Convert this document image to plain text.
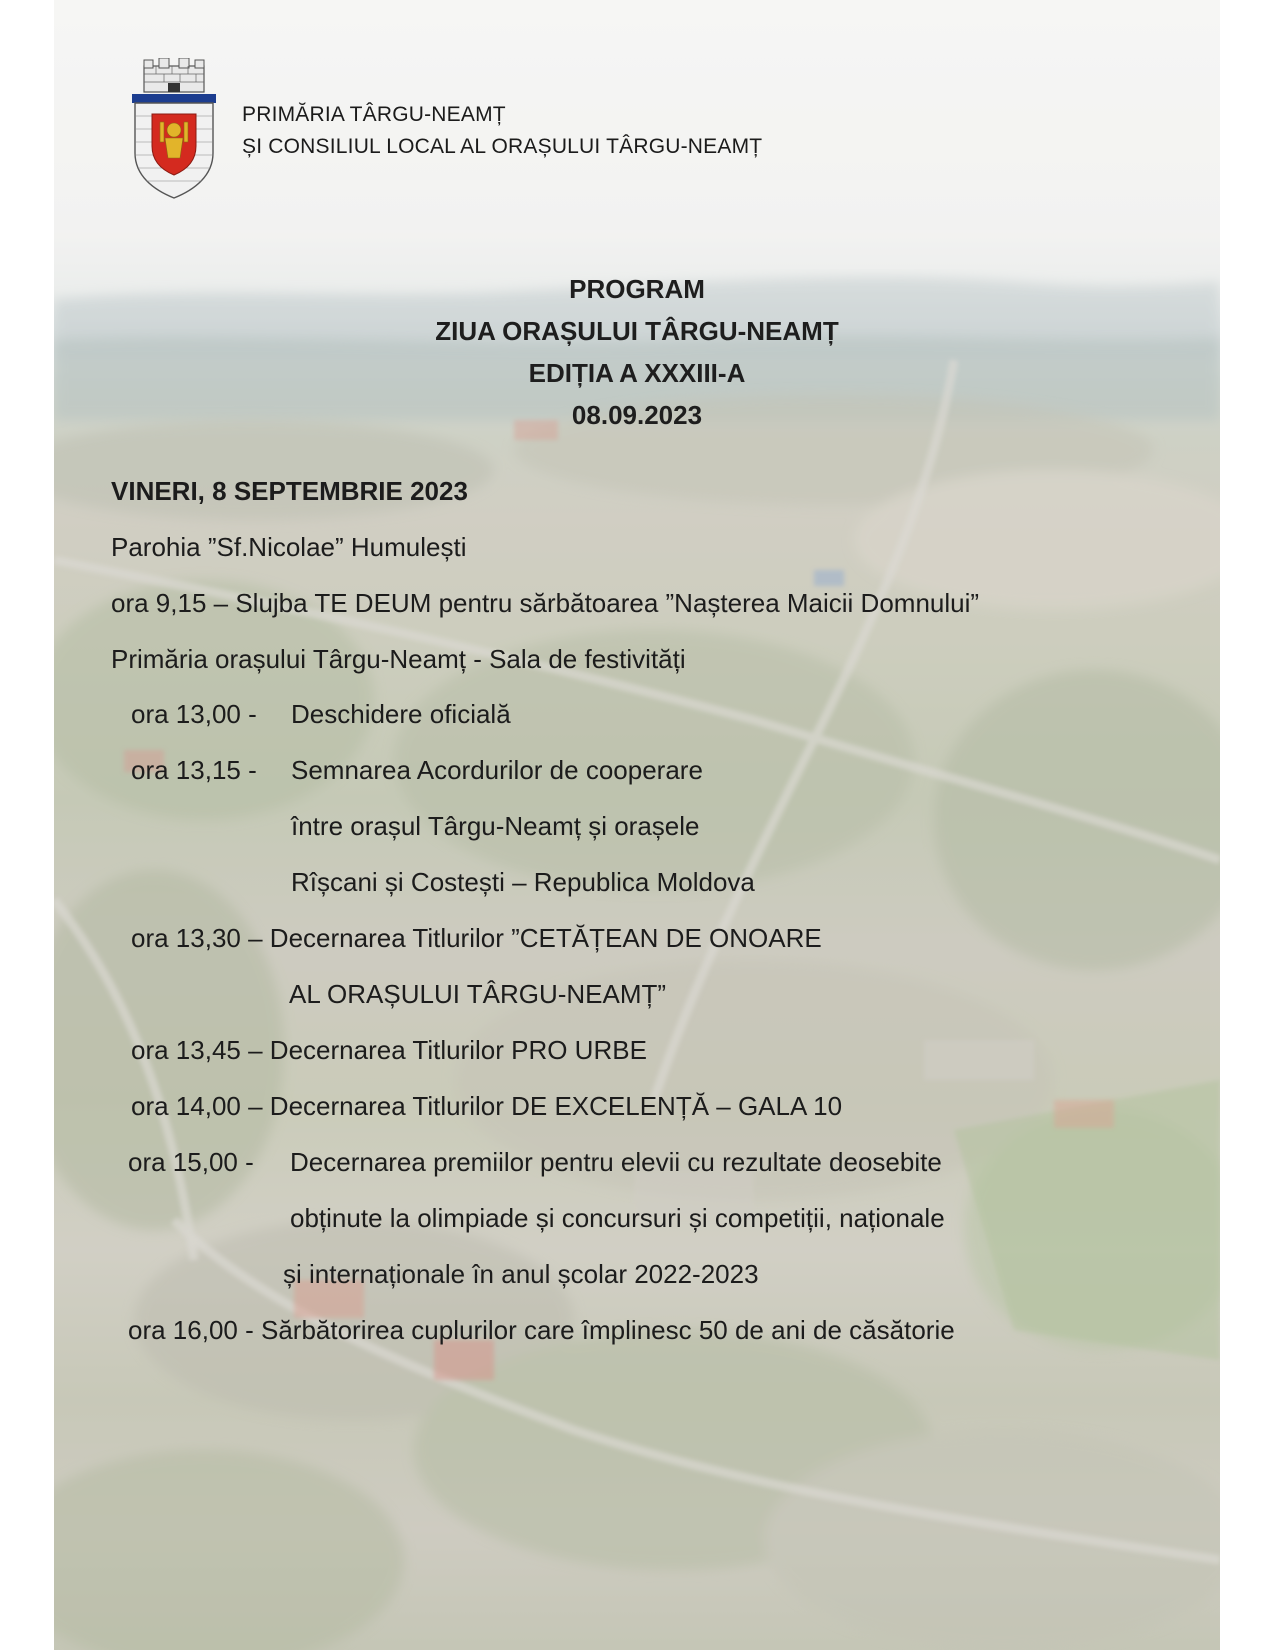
PRIMĂRIA TÂRGU-NEAMȚ
ȘI CONSILIUL LOCAL AL ORAȘULUI TÂRGU-NEAMȚ
PROGRAM
ZIUA ORAȘULUI TÂRGU-NEAMȚ
EDIȚIA A XXXIII-A
08.09.2023
VINERI, 8 SEPTEMBRIE 2023
Parohia ”Sf.Nicolae” Humulești
ora 9,15 – Slujba TE DEUM pentru sărbătoarea ”Nașterea Maicii Domnului”
Primăria orașului Târgu-Neamț - Sala de festivități
ora 13,00 - Deschidere oficială
ora 13,15 - Semnarea Acordurilor de cooperare
între orașul Târgu-Neamț și orașele
Rîșcani și Costești – Republica Moldova
ora 13,30 – Decernarea Titlurilor ”CETĂȚEAN DE ONOARE
AL ORAȘULUI TÂRGU-NEAMȚ”
ora 13,45 – Decernarea Titlurilor PRO URBE
ora 14,00 – Decernarea Titlurilor DE EXCELENȚĂ – GALA 10
ora 15,00 - Decernarea premiilor pentru elevii cu rezultate deosebite
obținute la olimpiade și concursuri și competiții, naționale
și internaționale în anul școlar 2022-2023
ora 16,00 - Sărbătorirea cuplurilor care împlinesc 50 de ani de căsătorie
